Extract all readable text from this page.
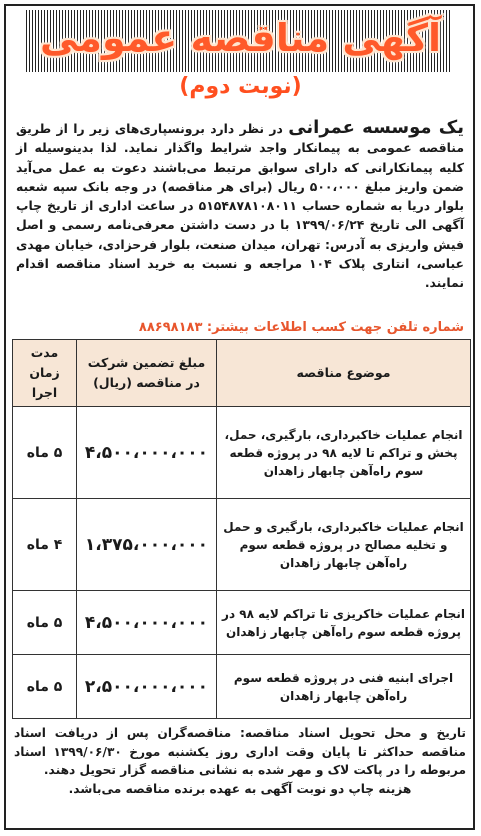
آگهی مناقصه عمومی
(نوبت دوم)
یک موسسه عمرانی در نظر دارد برونسپاری‌های زیر را از طریق مناقصه عمومی به پیمانکار واجد شرایط واگذار نماید. لذا بدینوسیله از کلیه پیمانکارانی که دارای سوابق مرتبط می‌باشند دعوت به عمل می‌آید ضمن واریز مبلغ ۵۰۰،۰۰۰ ریال (برای هر مناقصه) در وجه بانک سپه شعبه بلوار دریا به شماره حساب ۵۱۵۴۸۷۸۱۰۸۰۱۱ در ساعت اداری از تاریخ چاپ آگهی الی تاریخ ۱۳۹۹/۰۶/۲۴ با در دست داشتن معرفی‌نامه رسمی و اصل فیش واریزی به آدرس: تهران، میدان صنعت، بلوار فرحزادی، خیابان مهدی عباسی، انتاری پلاک ۱۰۴ مراجعه و نسبت به خرید اسناد مناقصه اقدام نمایند.
شماره تلفن جهت کسب اطلاعات بیشتر: ۸۸۶۹۸۱۸۳
موضوع مناقصه	مبلغ تضمین شرکت در مناقصه (ریال)	مدت زمان اجرا
انجام عملیات خاکبرداری، بارگیری، حمل، پخش و تراکم تا لایه ۹۸ در پروژه قطعه سوم راه‌آهن چابهار زاهدان	۴،۵۰۰،۰۰۰،۰۰۰	۵ ماه
انجام عملیات خاکبرداری، بارگیری و حمل و تخلیه مصالح در پروژه قطعه سوم راه‌آهن چابهار زاهدان	۱،۳۷۵،۰۰۰،۰۰۰	۴ ماه
انجام عملیات خاکریزی تا تراکم لایه ۹۸ در پروژه قطعه سوم راه‌آهن چابهار زاهدان	۴،۵۰۰،۰۰۰،۰۰۰	۵ ماه
اجرای ابنیه فنی در پروژه قطعه سوم راه‌آهن چابهار زاهدان	۲،۵۰۰،۰۰۰،۰۰۰	۵ ماه
تاریخ و محل تحویل اسناد مناقصه: مناقصه‌گران پس از دریافت اسناد مناقصه حداکثر تا پایان وقت اداری روز یکشنبه مورخ ۱۳۹۹/۰۶/۳۰ اسناد مربوطه را در پاکت لاک و مهر شده به نشانی مناقصه گزار تحویل دهند.
هزینه چاپ دو نوبت آگهی به عهده برنده مناقصه می‌باشد.
